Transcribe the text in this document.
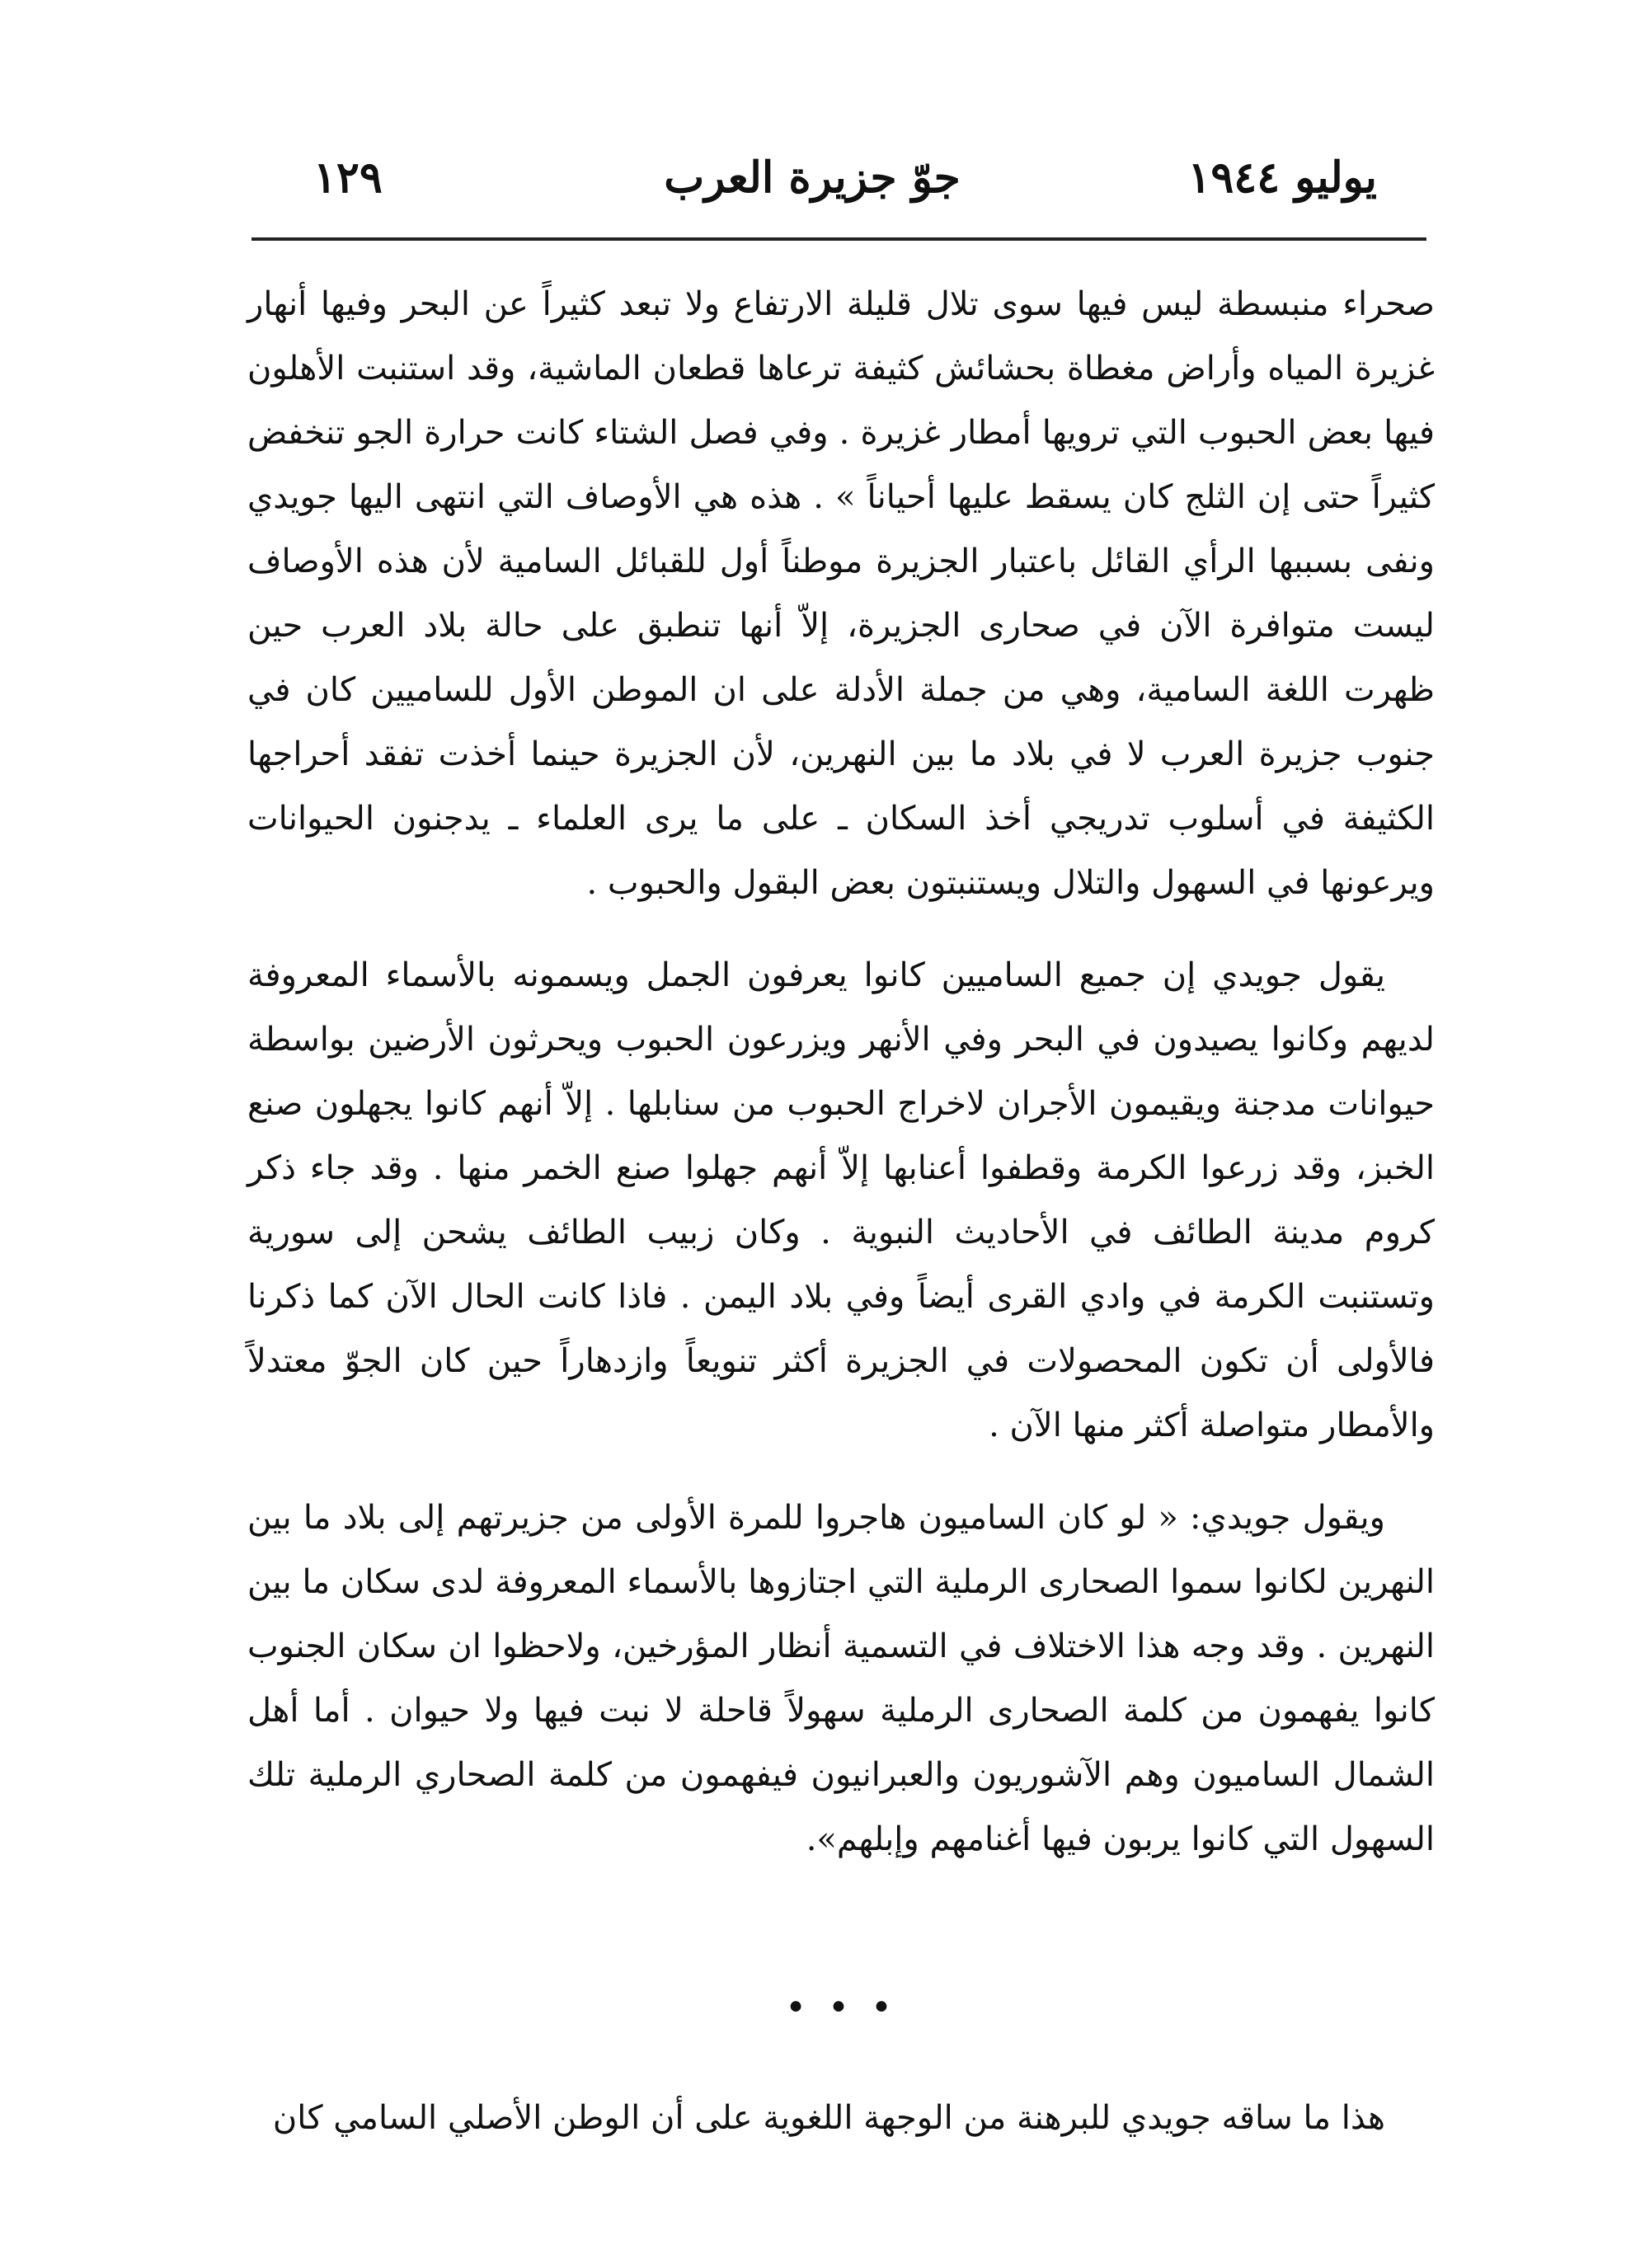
يوليو ١٩٤٤
جوّ جزيرة العرب
١٢٩

صحراء منبسطة ليس فيها سوى تلال قليلة الارتفاع ولا تبعد كثيراً عن البحر وفيها أنهار غزيرة المياه وأراض مغطاة بحشائش كثيفة ترعاها قطعان الماشية، وقد استنبت الأهلون فيها بعض الحبوب التي ترويها أمطار غزيرة . وفي فصل الشتاء كانت حرارة الجو تنخفض كثيراً حتى إن الثلج كان يسقط عليها أحياناً » . هذه هي الأوصاف التي انتهى اليها جويدي ونفى بسببها الرأي القائل باعتبار الجزيرة موطناً أول للقبائل السامية لأن هذه الأوصاف ليست متوافرة الآن في صحارى الجزيرة، إلاّ أنها تنطبق على حالة بلاد العرب حين ظهرت اللغة السامية، وهي من جملة الأدلة على ان الموطن الأول للساميين كان في جنوب جزيرة العرب لا في بلاد ما بين النهرين، لأن الجزيرة حينما أخذت تفقد أحراجها الكثيفة في أسلوب تدريجي أخذ السكان ـ على ما يرى العلماء ـ يدجنون الحيوانات ويرعونها في السهول والتلال ويستنبتون بعض البقول والحبوب .

يقول جويدي إن جميع الساميين كانوا يعرفون الجمل ويسمونه بالأسماء المعروفة لديهم وكانوا يصيدون في البحر وفي الأنهر ويزرعون الحبوب ويحرثون الأرضين بواسطة حيوانات مدجنة ويقيمون الأجران لاخراج الحبوب من سنابلها . إلاّ أنهم كانوا يجهلون صنع الخبز، وقد زرعوا الكرمة وقطفوا أعنابها إلاّ أنهم جهلوا صنع الخمر منها . وقد جاء ذكر كروم مدينة الطائف في الأحاديث النبوية . وكان زبيب الطائف يشحن إلى سورية وتستنبت الكرمة في وادي القرى أيضاً وفي بلاد اليمن . فاذا كانت الحال الآن كما ذكرنا فالأولى أن تكون المحصولات في الجزيرة أكثر تنويعاً وازدهاراً حين كان الجوّ معتدلاً والأمطار متواصلة أكثر منها الآن .

ويقول جويدي: « لو كان الساميون هاجروا للمرة الأولى من جزيرتهم إلى بلاد ما بين النهرين لكانوا سموا الصحارى الرملية التي اجتازوها بالأسماء المعروفة لدى سكان ما بين النهرين . وقد وجه هذا الاختلاف في التسمية أنظار المؤرخين، ولاحظوا ان سكان الجنوب كانوا يفهمون من كلمة الصحارى الرملية سهولاً قاحلة لا نبت فيها ولا حيوان . أما أهل الشمال الساميون وهم الآشوريون والعبرانيون فيفهمون من كلمة الصحاري الرملية تلك السهول التي كانوا يربون فيها أغنامهم وإبلهم».

• • •

هذا ما ساقه جويدي للبرهنة من الوجهة اللغوية على أن الوطن الأصلي السامي كان
